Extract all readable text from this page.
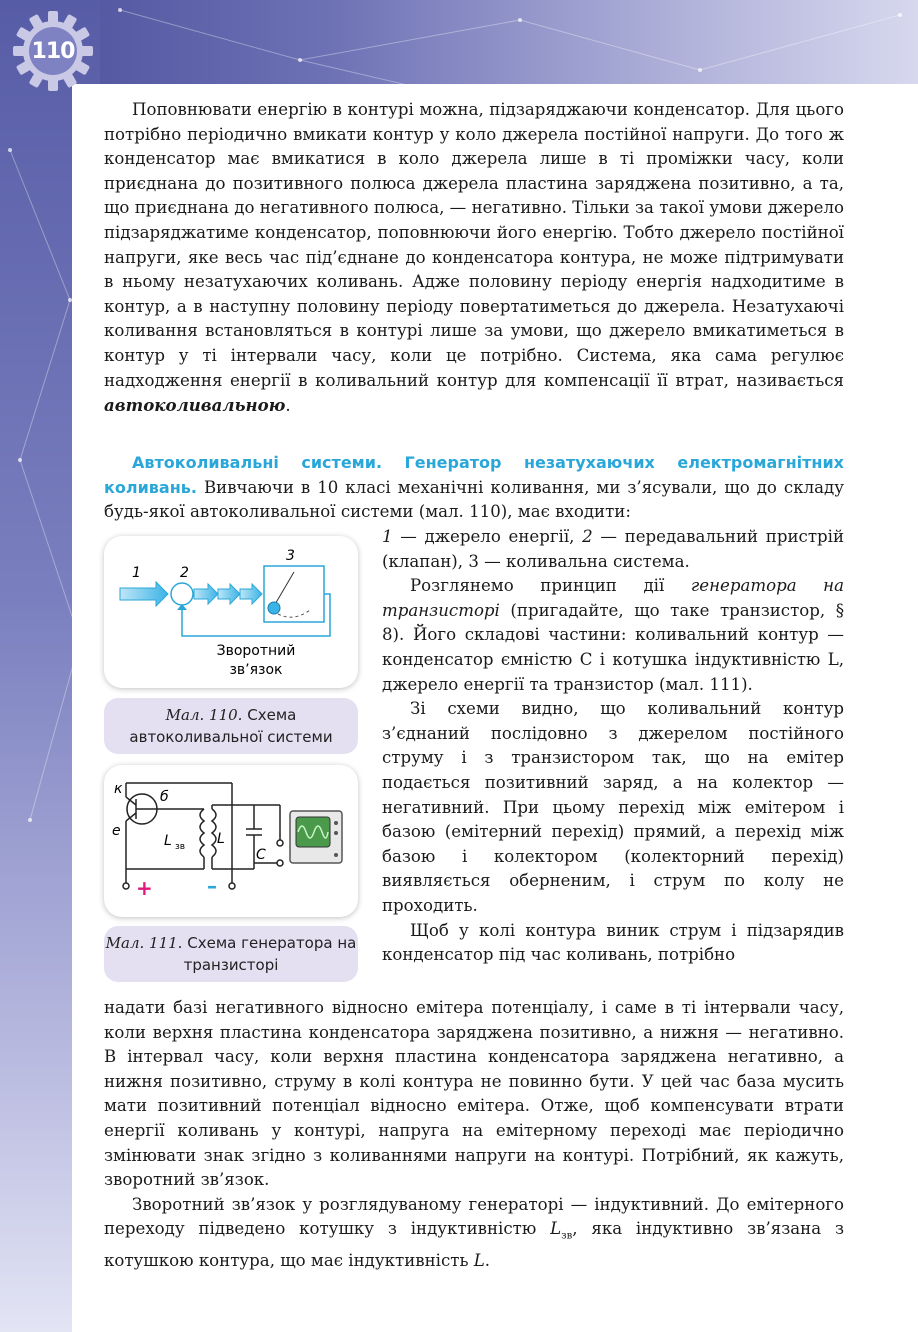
110

Поповнювати енергію в контурі можна, підзаряджаючи конденсатор. Для цього потрібно періодично вмикати контур у коло джерела постійної напруги. До того ж конденсатор має вмикатися в коло джерела лише в ті проміжки часу, коли приєднана до позитивного полюса джерела пластина заряджена позитивно, а та, що приєднана до негативного полюса, — негативно. Тільки за такої умови джерело підзаряджатиме конденсатор, поповнюючи його енергію. Тобто джерело постійної напруги, яке весь час під’єднане до конденсатора контура, не може підтримувати в ньому незатухаючих коливань. Адже половину періоду енергія надходитиме в контур, а в наступну половину періоду повертатиметься до джерела. Незатухаючі коливання встановляться в контурі лише за умови, що джерело вмикатиметься в контур у ті інтервали часу, коли це потрібно. Система, яка сама регулює надходження енергії в коливальний контур для компенсації її втрат, називається автоколивальною.

Автоколивальні системи. Генератор незатухаючих електромагнітних коливань. Вивчаючи в 10 класі механічні коливання, ми з’ясували, що до складу будь-якої автоколивальної системи (мал. 110), має входити:

1 — джерело енергії, 2 — передавальний пристрій (клапан), 3 — коливальна система.

Розглянемо принцип дії генератора на транзисторі (пригадайте, що таке транзистор, § 8). Його складові частини: коливальний контур — конденсатор ємністю C і котушка індуктивністю L, джерело енергії та транзистор (мал. 111).

Зі схеми видно, що коливальний контур з’єднаний послідовно з джерелом постійного струму і з транзистором так, що на емітер подається позитивний заряд, а на колектор — негативний. При цьому перехід між емітером і базою (емітерний перехід) прямий, а перехід між базою і колектором (колекторний перехід) виявляється оберненим, і струм по колу не проходить.

Щоб у колі контура виник струм і підзарядив конденсатор під час коливань, потрібно

надати базі негативного відносно емітера потенціалу, і саме в ті інтервали часу, коли верхня пластина конденсатора заряджена позитивно, а нижня — негативно. В інтервал часу, коли верхня пластина конденсатора заряджена негативно, а нижня позитивно, струму в колі контура не повинно бути. У цей час база мусить мати позитивний потенціал відносно емітера. Отже, щоб компенсувати втрати енергії коливань у контурі, напруга на емітерному переході має періодично змінювати знак згідно з коливаннями напруги на контурі. Потрібний, як кажуть, зворотний зв’язок.

Зворотний зв’язок у розглядуваному генераторі — індуктивний. До емітерного переходу підведено котушку з індуктивністю $L_{зв}$, яка індуктивно зв’язана з котушкою контура, що має індуктивність L.

1	2
3
Зворотний
зв’язок
Мал. 110. Схема автоколивальної системи
к	б
е
L зв L
C
+	–
Мал. 111. Схема генератора на транзисторі
